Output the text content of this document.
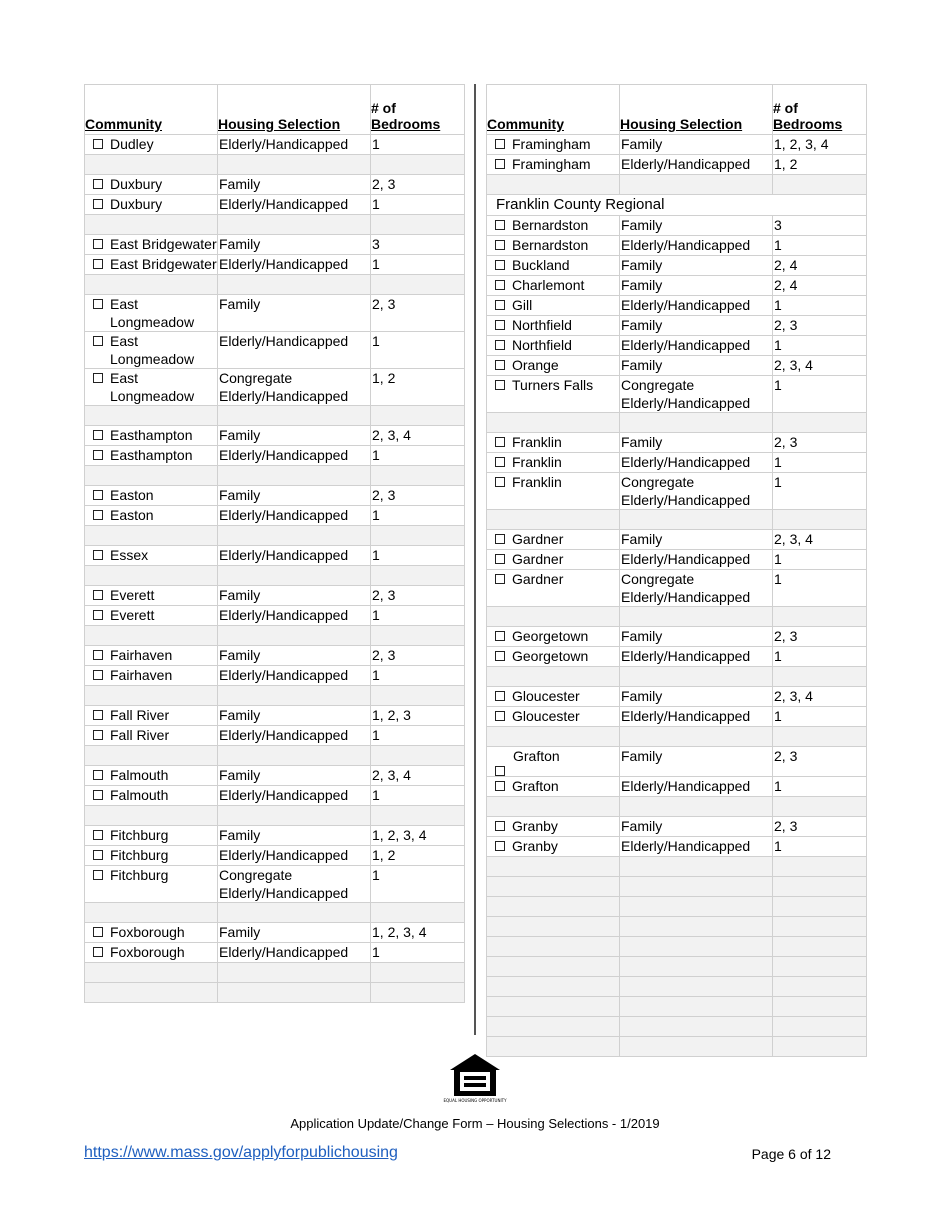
Community	Housing Selection	# of
Bedrooms

Dudley	Elderly/Handicapped	1

Duxbury	Family	2, 3

Duxbury	Elderly/Handicapped	1

East Bridgewater	Family	3

East Bridgewater	Elderly/Handicapped	1

East Longmeadow	Family	2, 3

East Longmeadow	Elderly/Handicapped	1

East Longmeadow	Congregate Elderly/Handicapped	1, 2

Easthampton	Family	2, 3, 4

Easthampton	Elderly/Handicapped	1

Easton	Family	2, 3

Easton	Elderly/Handicapped	1

Essex	Elderly/Handicapped	1

Everett	Family	2, 3

Everett	Elderly/Handicapped	1

Fairhaven	Family	2, 3

Fairhaven	Elderly/Handicapped	1

Fall River	Family	1, 2, 3

Fall River	Elderly/Handicapped	1

Falmouth	Family	2, 3, 4

Falmouth	Elderly/Handicapped	1

Fitchburg	Family	1, 2, 3, 4

Fitchburg	Elderly/Handicapped	1, 2

Fitchburg	Congregate Elderly/Handicapped	1

Foxborough	Family	1, 2, 3, 4

Foxborough	Elderly/Handicapped	1

Community	Housing Selection	# of
Bedrooms

Framingham	Family	1, 2, 3, 4

Framingham	Elderly/Handicapped	1, 2

Franklin County Regional		

Bernardston	Family	3

Bernardston	Elderly/Handicapped	1

Buckland	Family	2, 4

Charlemont	Family	2, 4

Gill	Elderly/Handicapped	1

Northfield	Family	2, 3

Northfield	Elderly/Handicapped	1

Orange	Family	2, 3, 4

Turners Falls	Congregate Elderly/Handicapped	1

Franklin	Family	2, 3

Franklin	Elderly/Handicapped	1

Franklin	Congregate Elderly/Handicapped	1

Gardner	Family	2, 3, 4

Gardner	Elderly/Handicapped	1

Gardner	Congregate Elderly/Handicapped	1

Georgetown	Family	2, 3

Georgetown	Elderly/Handicapped	1

Gloucester	Family	2, 3, 4

Gloucester	Elderly/Handicapped	1

Grafton	Family	2, 3

Grafton	Elderly/Handicapped	1

Granby	Family	2, 3

Granby	Elderly/Handicapped	1

EQUAL HOUSING OPPORTUNITY
Application Update/Change Form – Housing Selections - 1/2019
https://www.mass.gov/applyforpublichousing	Page 6 of 12
